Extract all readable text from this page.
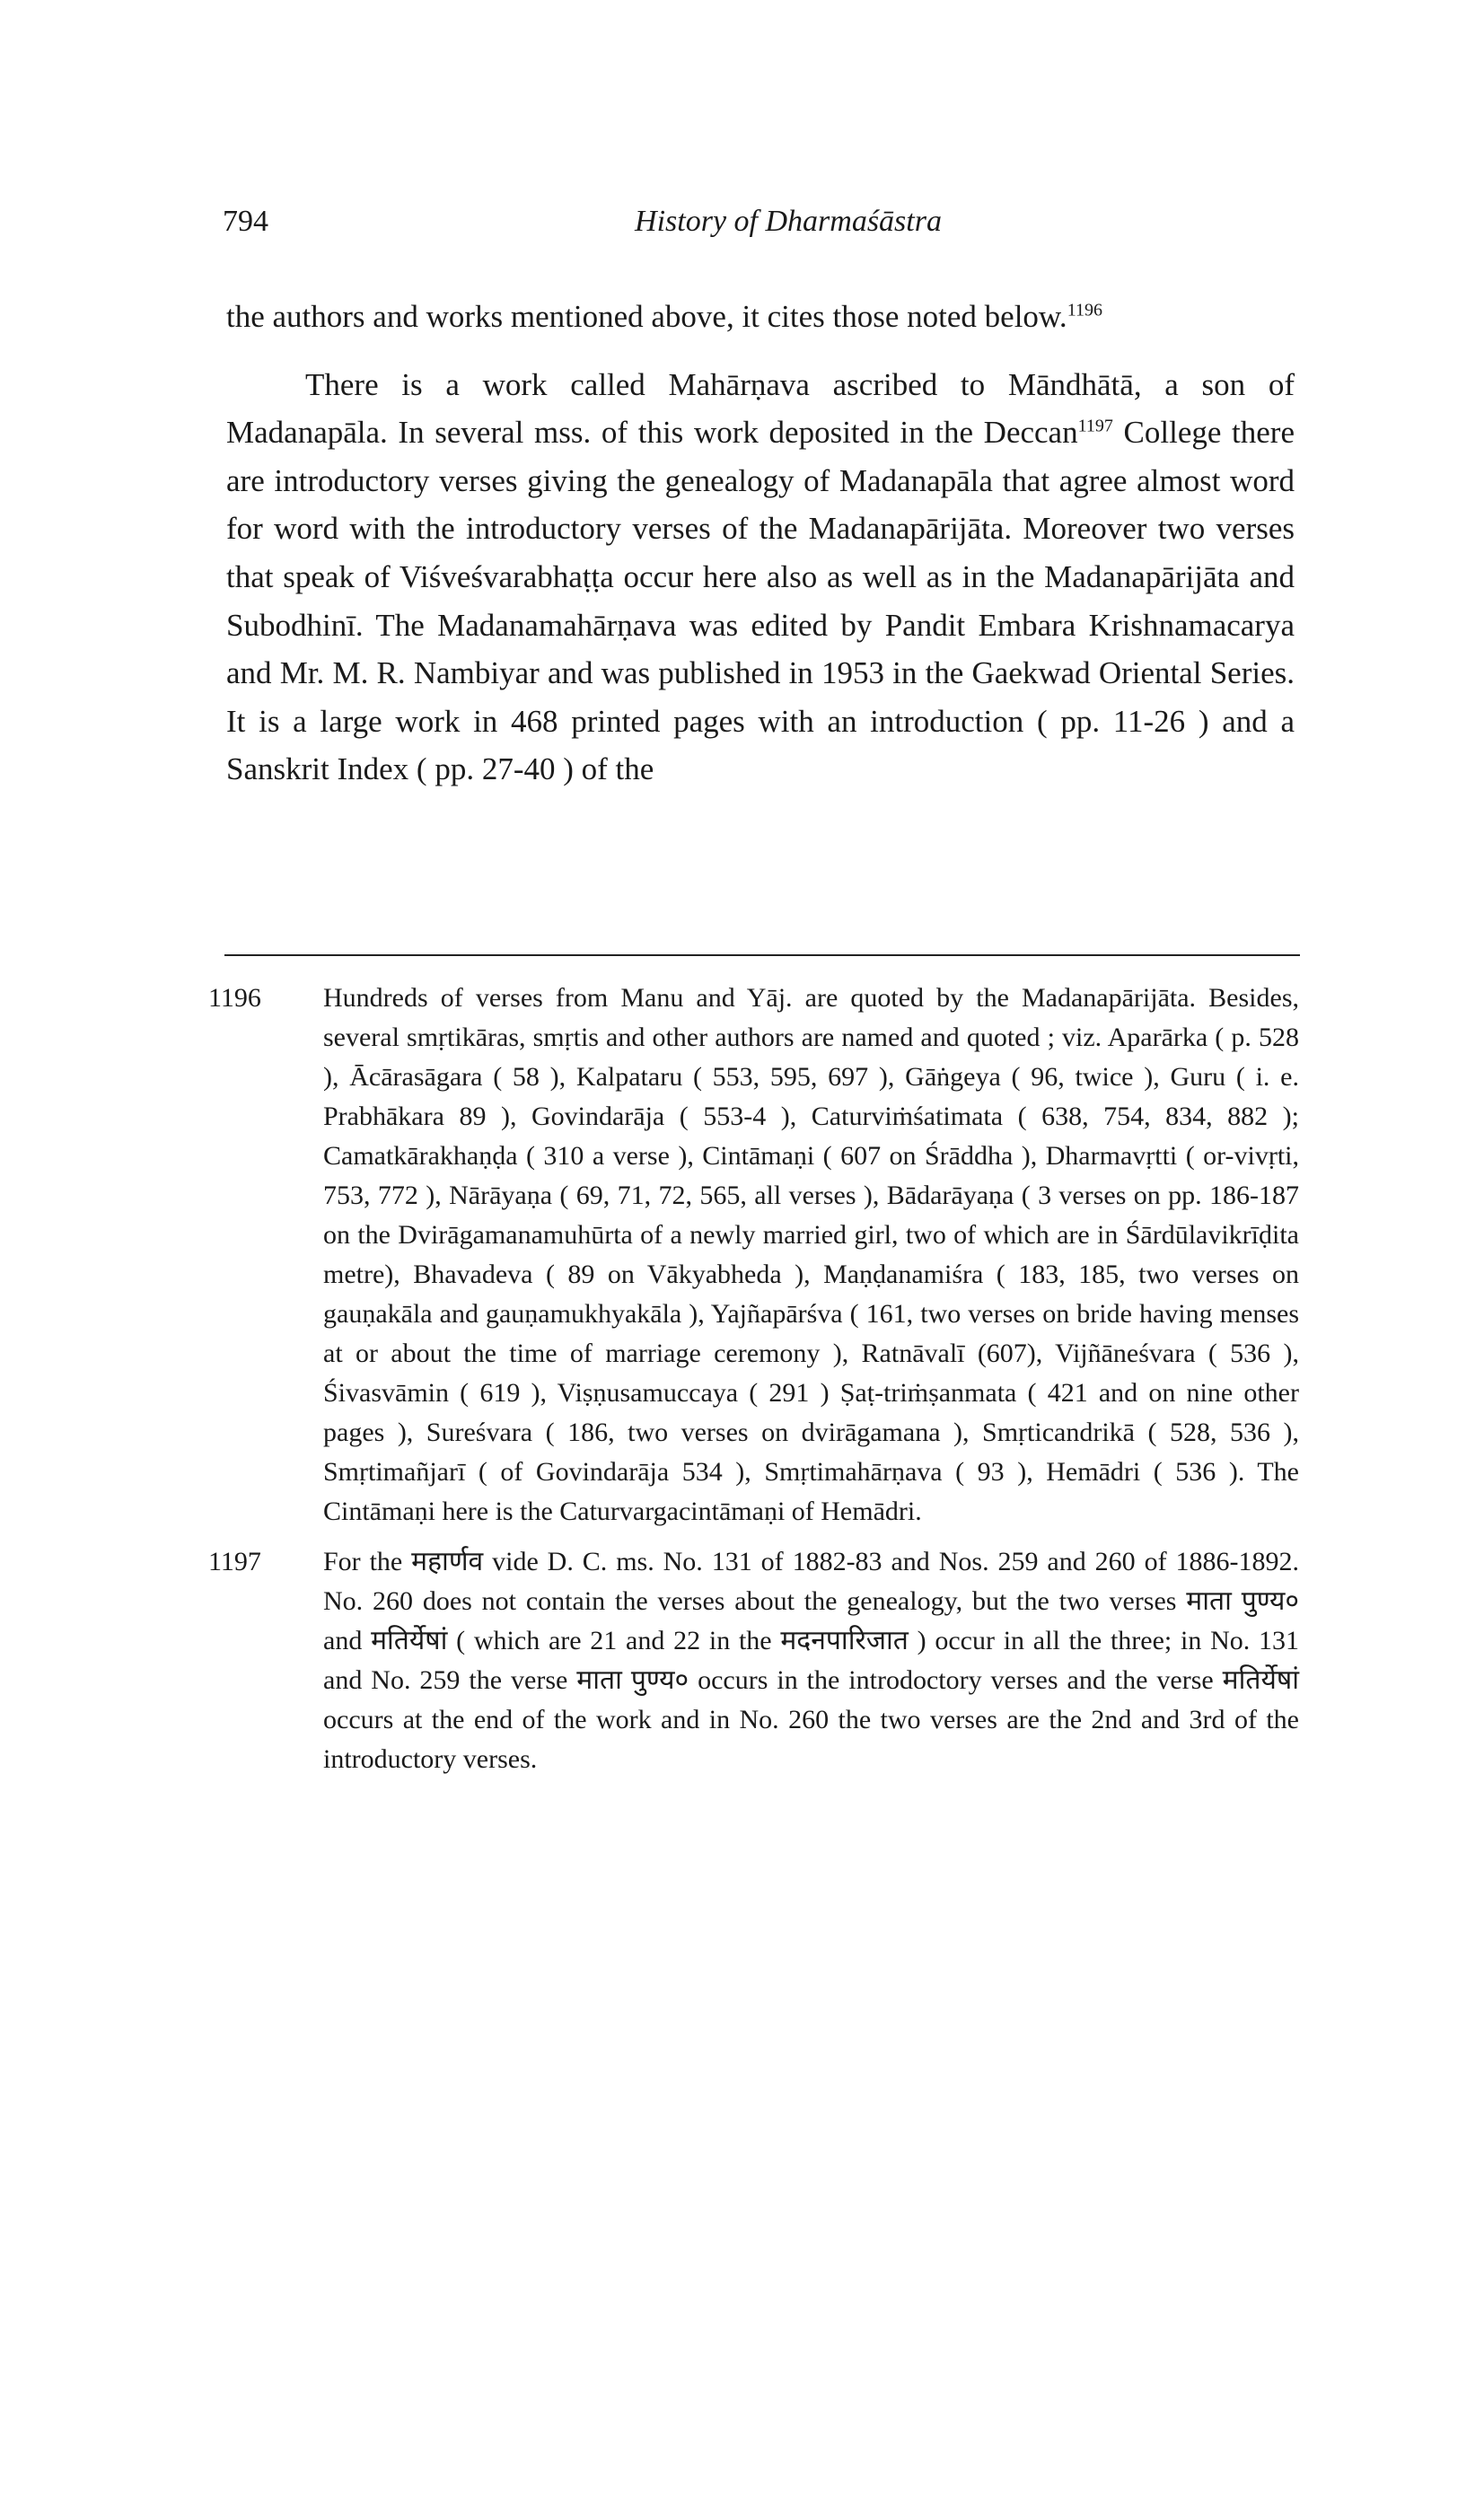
794	History of Dharmaśāstra

the authors and works mentioned above, it cites those noted below.$^{1196}$

There is a work called Mahārṇava ascribed to Māndhātā, a son of Madanapāla. In several mss. of this work deposited in the Deccan$^{1197}$ College there are introductory verses giving the genealogy of Madanapāla that agree almost word for word with the introductory verses of the Madanapārijāta. Moreover two verses that speak of Viśveśvarabhaṭṭa occur here also as well as in the Madanapārijāta and Subodhinī. The Madanamahārṇava was edited by Pandit Embara Krishnamacarya and Mr. M. R. Nambiyar and was published in 1953 in the Gaekwad Oriental Series. It is a large work in 468 printed pages with an introduction ( pp. 11-26 ) and a Sanskrit Index ( pp. 27-40 ) of the

1196	Hundreds of verses from Manu and Yāj. are quoted by the Madanapārijāta. Besides, several smṛtikāras, smṛtis and other authors are named and quoted ; viz. Aparārka ( p. 528 ), Ācārasāgara ( 58 ), Kalpataru ( 553, 595, 697 ), Gāṅgeya ( 96, twice ), Guru ( i. e. Prabhākara 89 ), Govindarāja ( 553-4 ), Caturviṁśatimata ( 638, 754, 834, 882 ); Camatkārakhaṇḍa ( 310 a verse ), Cintāmaṇi ( 607 on Śrāddha ), Dharmavṛtti ( or-vivṛti, 753, 772 ), Nārāyaṇa ( 69, 71, 72, 565, all verses ), Bādarāyaṇa ( 3 verses on pp. 186-187 on the Dvirāgamanamuhūrta of a newly married girl, two of which are in Śārdūlavikrīḍita metre), Bhavadeva ( 89 on Vākyabheda ), Maṇḍanamiśra ( 183, 185, two verses on gauṇakāla and gauṇamukhyakāla ), Yajñapārśva ( 161, two verses on bride having menses at or about the time of marriage ceremony ), Ratnāvalī (607), Vijñāneśvara ( 536 ), Śivasvāmin ( 619 ), Viṣṇusamuccaya ( 291 ) Ṣaṭ-triṁṣanmata ( 421 and on nine other pages ), Sureśvara ( 186, two verses on dvirāgamana ), Smṛticandrikā ( 528, 536 ), Smṛtimañjarī ( of Govindarāja 534 ), Smṛtimahārṇava ( 93 ), Hemādri ( 536 ). The Cintāmaṇi here is the Caturvargacintāmaṇi of Hemādri.
1197	For the महार्णव vide D. C. ms. No. 131 of 1882-83 and Nos. 259 and 260 of 1886-1892. No. 260 does not contain the verses about the genealogy, but the two verses माता पुण्य० and मतिर्येषां ( which are 21 and 22 in the मदनपारिजात ) occur in all the three; in No. 131 and No. 259 the verse माता पुण्य० occurs in the introdoctory verses and the verse मतिर्येषां occurs at the end of the work and in No. 260 the two verses are the 2nd and 3rd of the introductory verses.
